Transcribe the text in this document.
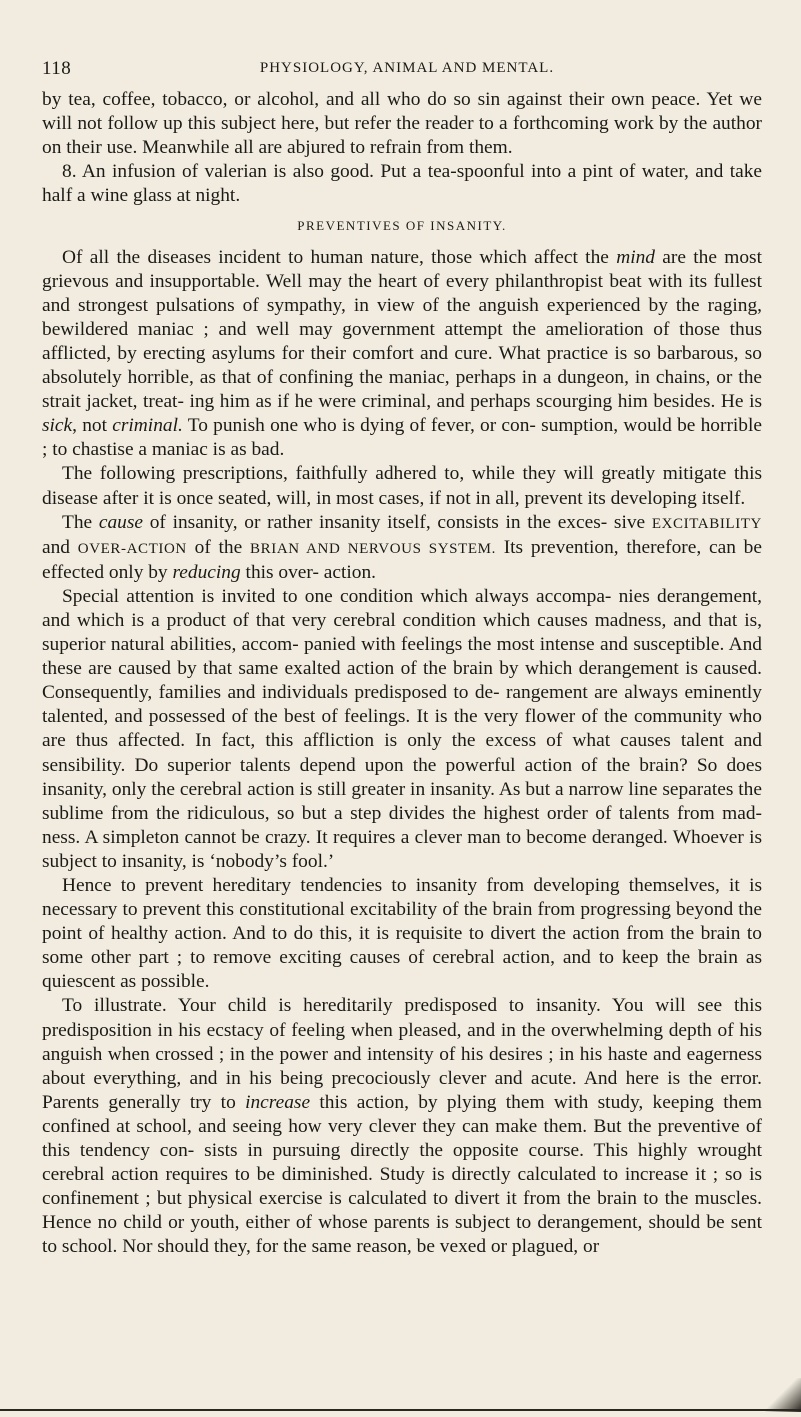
118	PHYSIOLOGY, ANIMAL AND MENTAL.

by tea, coffee, tobacco, or alcohol, and all who do so sin against their own peace. Yet we will not follow up this subject here, but refer the reader to a forthcoming work by the author on their use. Meanwhile all are abjured to refrain from them.

8. An infusion of valerian is also good. Put a tea-spoonful into a pint of water, and take half a wine glass at night.

PREVENTIVES OF INSANITY.

Of all the diseases incident to human nature, those which affect the mind are the most grievous and insupportable. Well may the heart of every philanthropist beat with its fullest and strongest pulsations of sympathy, in view of the anguish experienced by the raging, bewildered maniac ; and well may government attempt the amelioration of those thus afflicted, by erecting asylums for their comfort and cure. What practice is so barbarous, so absolutely horrible, as that of confining the maniac, perhaps in a dungeon, in chains, or the strait jacket, treat- ing him as if he were criminal, and perhaps scourging him besides. He is sick, not criminal. To punish one who is dying of fever, or con- sumption, would be horrible ; to chastise a maniac is as bad.

The following prescriptions, faithfully adhered to, while they will greatly mitigate this disease after it is once seated, will, in most cases, if not in all, prevent its developing itself.

The cause of insanity, or rather insanity itself, consists in the exces- sive EXCITABILITY and OVER-ACTION of the BRIAN AND NERVOUS SYSTEM. Its prevention, therefore, can be effected only by reducing this over- action.

Special attention is invited to one condition which always accompa- nies derangement, and which is a product of that very cerebral condition which causes madness, and that is, superior natural abilities, accom- panied with feelings the most intense and susceptible. And these are caused by that same exalted action of the brain by which derangement is caused. Consequently, families and individuals predisposed to de- rangement are always eminently talented, and possessed of the best of feelings. It is the very flower of the community who are thus affected. In fact, this affliction is only the excess of what causes talent and sensibility. Do superior talents depend upon the powerful action of the brain? So does insanity, only the cerebral action is still greater in insanity. As but a narrow line separates the sublime from the ridiculous, so but a step divides the highest order of talents from mad- ness. A simpleton cannot be crazy. It requires a clever man to become deranged. Whoever is subject to insanity, is ‘nobody’s fool.’

Hence to prevent hereditary tendencies to insanity from developing themselves, it is necessary to prevent this constitutional excitability of the brain from progressing beyond the point of healthy action. And to do this, it is requisite to divert the action from the brain to some other part ; to remove exciting causes of cerebral action, and to keep the brain as quiescent as possible.

To illustrate. Your child is hereditarily predisposed to insanity. You will see this predisposition in his ecstacy of feeling when pleased, and in the overwhelming depth of his anguish when crossed ; in the power and intensity of his desires ; in his haste and eagerness about everything, and in his being precociously clever and acute. And here is the error. Parents generally try to increase this action, by plying them with study, keeping them confined at school, and seeing how very clever they can make them. But the preventive of this tendency con- sists in pursuing directly the opposite course. This highly wrought cerebral action requires to be diminished. Study is directly calculated to increase it ; so is confinement ; but physical exercise is calculated to divert it from the brain to the muscles. Hence no child or youth, either of whose parents is subject to derangement, should be sent to school. Nor should they, for the same reason, be vexed or plagued, or
